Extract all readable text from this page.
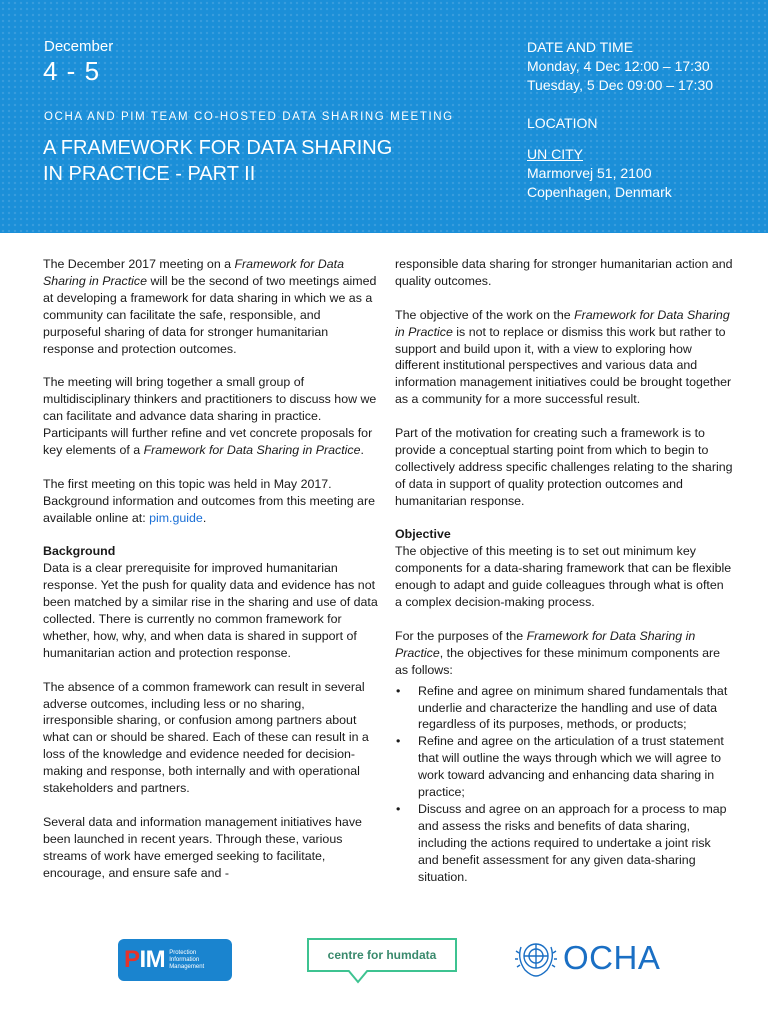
December
4 - 5
OCHA AND PIM TEAM CO-HOSTED DATA SHARING MEETING
A FRAMEWORK FOR DATA SHARING
IN PRACTICE - PART II
DATE AND TIME
Monday, 4 Dec 12:00 – 17:30
Tuesday, 5 Dec 09:00 – 17:30
LOCATION
UN CITY
Marmorvej 51, 2100
Copenhagen, Denmark

The December 2017 meeting on a Framework for Data Sharing in Practice will be the second of two meetings aimed at developing a framework for data sharing in which we as a community can facilitate the safe, responsible, and purposeful sharing of data for stronger humanitarian response and protection outcomes.

The meeting will bring together a small group of multidisciplinary thinkers and practitioners to discuss how we can facilitate and advance data sharing in practice. Participants will further refine and vet concrete proposals for key elements of a Framework for Data Sharing in Practice.

The first meeting on this topic was held in May 2017. Background information and outcomes from this meeting are available online at: pim.guide.

Background
Data is a clear prerequisite for improved humanitarian response. Yet the push for quality data and evidence has not been matched by a similar rise in the sharing and use of data collected. There is currently no common framework for whether, how, why, and when data is shared in support of humanitarian action and protection response.

The absence of a common framework can result in several adverse outcomes, including less or no sharing, irresponsible sharing, or confusion among partners about what can or should be shared. Each of these can result in a loss of the knowledge and evidence needed for decision-making and response, both internally and with operational stakeholders and partners.

Several data and information management initiatives have been launched in recent years. Through these, various streams of work have emerged seeking to facilitate, encourage, and ensure safe and -

responsible data sharing for stronger humanitarian action and quality outcomes.

The objective of the work on the Framework for Data Sharing in Practice is not to replace or dismiss this work but rather to support and build upon it, with a view to exploring how different institutional perspectives and various data and information management initiatives could be brought together as a community for a more successful result.

Part of the motivation for creating such a framework is to provide a conceptual starting point from which to begin to collectively address specific challenges relating to the sharing of data in support of quality protection outcomes and humanitarian response.

Objective
The objective of this meeting is to set out minimum key components for a data-sharing framework that can be flexible enough to adapt and guide colleagues through what is often a complex decision-making process.

For the purposes of the Framework for Data Sharing in Practice, the objectives for these minimum components are as follows:

• Refine and agree on minimum shared fundamentals that underlie and characterize the handling and use of data regardless of its purposes, methods, or products;
• Refine and agree on the articulation of a trust statement that will outline the ways through which we will agree to work toward advancing and enhancing data sharing in practice;
• Discuss and agree on an approach for a process to map and assess the risks and benefits of data sharing, including the actions required to undertake a joint risk and benefit assessment for any given data-sharing situation.
PIM Protection
Information
Management
centre for humdata	OCHA
